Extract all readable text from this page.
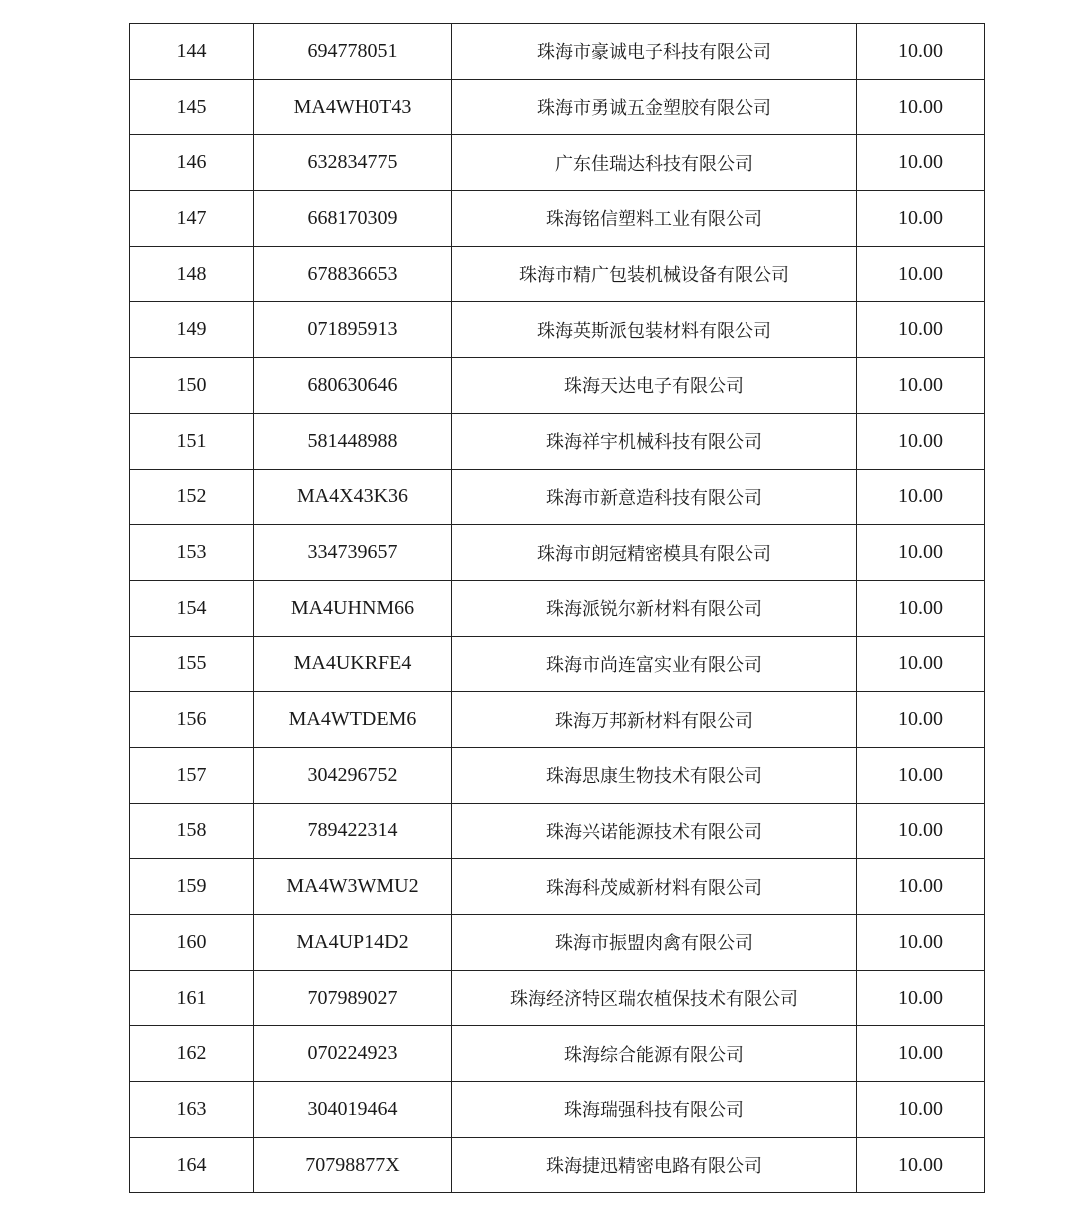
144	694778051	珠海市豪诚电子科技有限公司	10.00
145	MA4WH0T43	珠海市勇诚五金塑胶有限公司	10.00
146	632834775	广东佳瑞达科技有限公司	10.00
147	668170309	珠海铭信塑料工业有限公司	10.00
148	678836653	珠海市精广包装机械设备有限公司	10.00
149	071895913	珠海英斯派包装材料有限公司	10.00
150	680630646	珠海天达电子有限公司	10.00
151	581448988	珠海祥宇机械科技有限公司	10.00
152	MA4X43K36	珠海市新意造科技有限公司	10.00
153	334739657	珠海市朗冠精密模具有限公司	10.00
154	MA4UHNM66	珠海派锐尔新材料有限公司	10.00
155	MA4UKRFE4	珠海市尚连富实业有限公司	10.00
156	MA4WTDEM6	珠海万邦新材料有限公司	10.00
157	304296752	珠海思康生物技术有限公司	10.00
158	789422314	珠海兴诺能源技术有限公司	10.00
159	MA4W3WMU2	珠海科茂威新材料有限公司	10.00
160	MA4UP14D2	珠海市振盟肉禽有限公司	10.00
161	707989027	珠海经济特区瑞农植保技术有限公司	10.00
162	070224923	珠海综合能源有限公司	10.00
163	304019464	珠海瑞强科技有限公司	10.00
164	70798877X	珠海捷迅精密电路有限公司	10.00
